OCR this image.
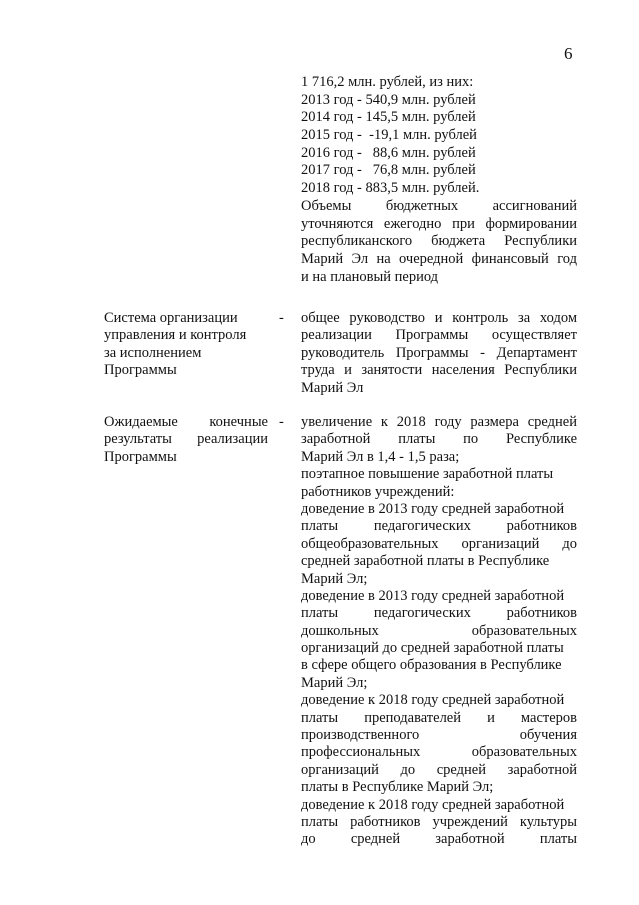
6
1 716,2 млн. рублей, из них:
2013 год - 540,9 млн. рублей
2014 год - 145,5 млн. рублей
2015 год -  -19,1 млн. рублей
2016 год -   88,6 млн. рублей
2017 год -   76,8 млн. рублей
2018 год - 883,5 млн. рублей.
Объемы бюджетных ассигнований
уточняются ежегодно при формировании
республиканского бюджета Республики
Марий Эл на очередной финансовый год
и на плановый период
Система организации
управления и контроля
за исполнением
Программы
- общее руководство и контроль за ходом
реализации Программы осуществляет
руководитель Программы - Департамент
труда и занятости населения Республики
Марий Эл
Ожидаемые конечные
результаты реализации
Программы
- увеличение к 2018 году размера средней
заработной платы по Республике
Марий Эл в 1,4 - 1,5 раза;
поэтапное повышение заработной платы
работников учреждений:
доведение в 2013 году средней заработной
платы педагогических работников
общеобразовательных организаций до
средней заработной платы в Республике
Марий Эл;
доведение в 2013 году средней заработной
платы педагогических работников
дошкольных образовательных
организаций до средней заработной платы
в сфере общего образования в Республике
Марий Эл;
доведение к 2018 году средней заработной
платы преподавателей и мастеров
производственного обучения
профессиональных образовательных
организаций до средней заработной
платы в Республике Марий Эл;
доведение к 2018 году средней заработной
платы работников учреждений культуры
до средней заработной платы
